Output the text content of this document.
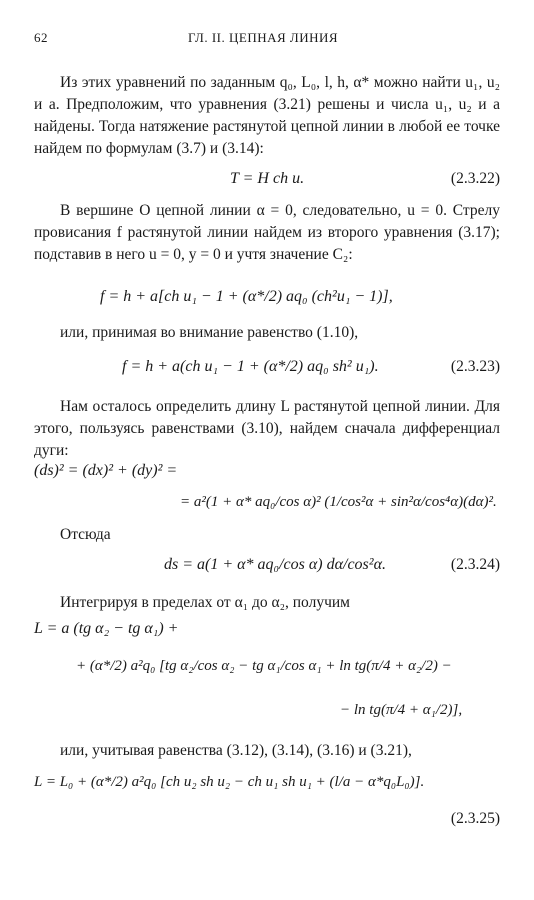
62	ГЛ. II. ЦЕПНАЯ ЛИНИЯ
Из этих уравнений по заданным q₀, L₀, l, h, α* можно найти u₁, u₂ и a. Предположим, что уравнения (3.21) решены и числа u₁, u₂ и a найдены. Тогда натяжение растянутой цепной линии в любой ее точке найдем по формулам (3.7) и (3.14):
T = H ch u.	(2.3.22)
В вершине O цепной линии α = 0, следовательно, u = 0. Стрелу провисания f растянутой линии найдем из второго уравнения (3.17); подставив в него u = 0, y = 0 и учтя значение C₂:
f = h + a[ch u₁ − 1 + (α*/2) aq₀ (ch²u₁ − 1)],
или, принимая во внимание равенство (1.10),
f = h + a(ch u₁ − 1 + (α*/2) aq₀ sh² u₁).	(2.3.23)
Нам осталось определить длину L растянутой цепной линии. Для этого, пользуясь равенствами (3.10), найдем сначала дифференциал дуги:
(ds)² = (dx)² + (dy)² =
= a²(1 + α* aq₀/cos α)² (1/cos²α + sin²α/cos⁴α)(dα)².
Отсюда
ds = a(1 + α* aq₀/cos α) dα/cos²α.	(2.3.24)
Интегрируя в пределах от α₁ до α₂, получим
L = a (tg α₂ − tg α₁) +
+ (α*/2) a²q₀ [tg α₂/cos α₂ − tg α₁/cos α₁ + ln tg(π/4 + α₂/2) −
− ln tg(π/4 + α₁/2)],
или, учитывая равенства (3.12), (3.14), (3.16) и (3.21),
L = L₀ + (α*/2) a²q₀ [ch u₂ sh u₂ − ch u₁ sh u₁ + (l/a − α*q₀L₀)].
(2.3.25)
